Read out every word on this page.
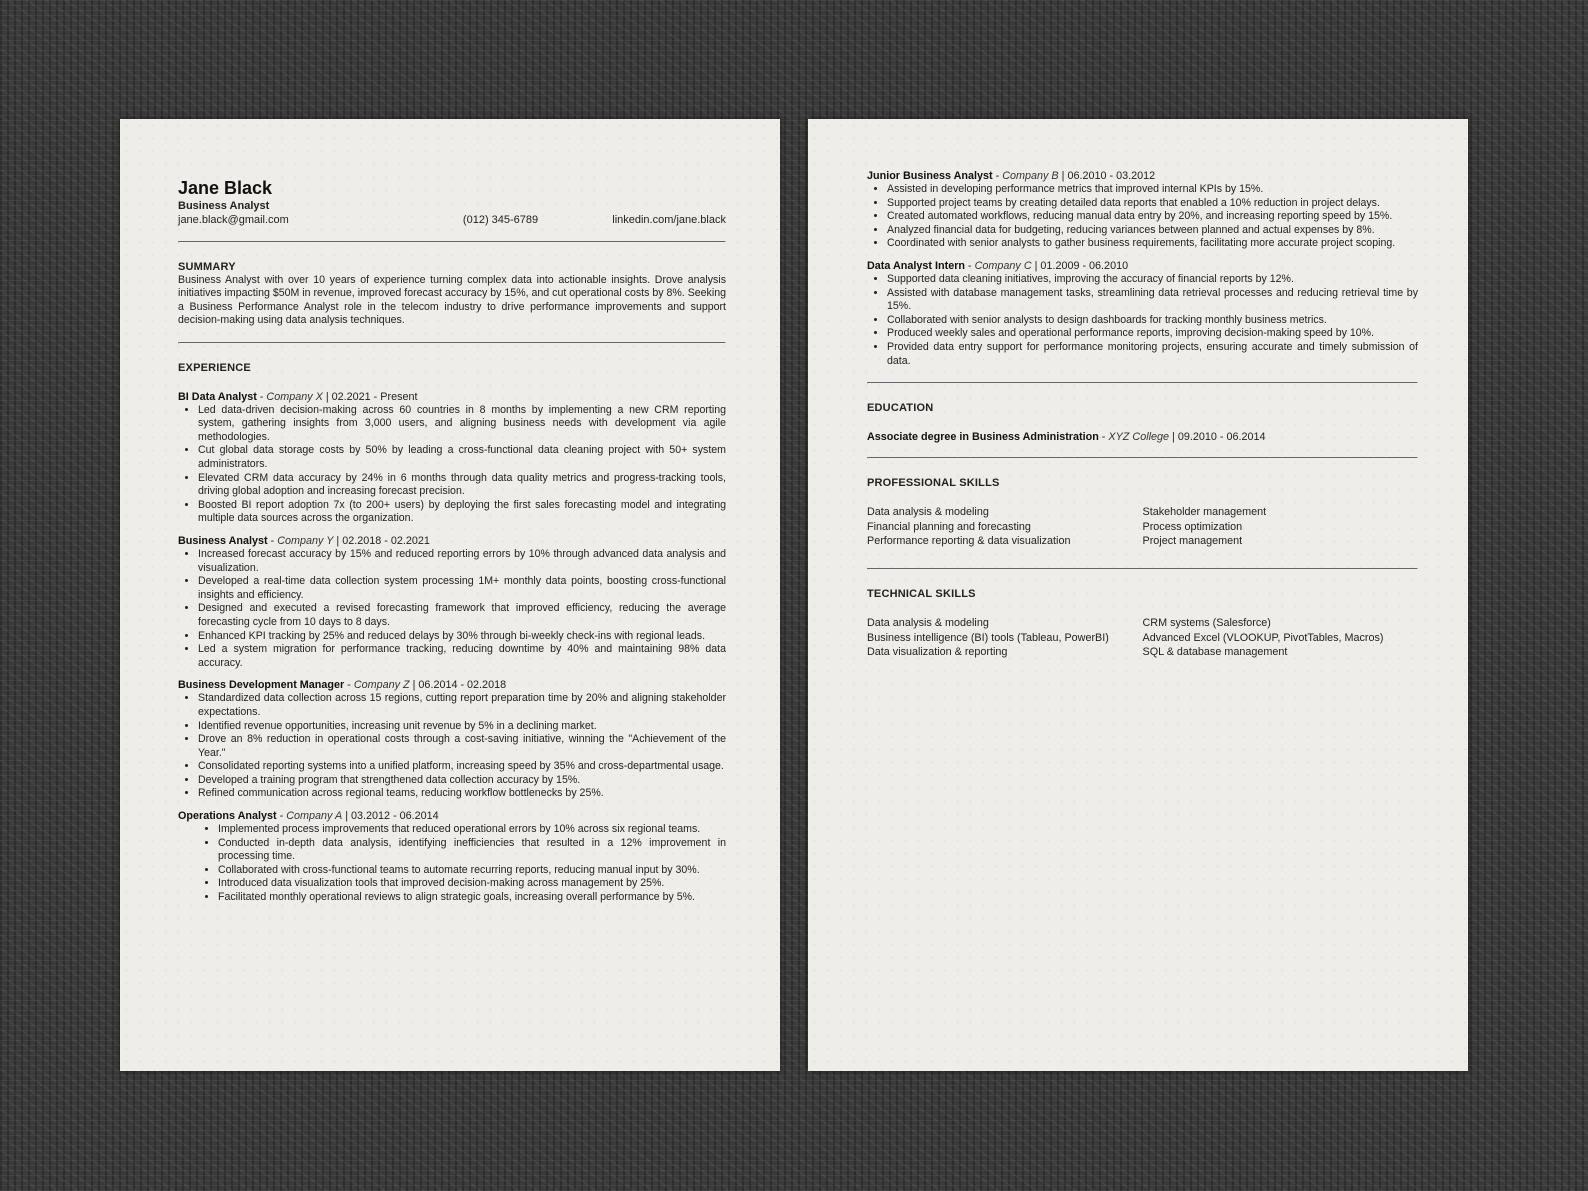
Jane Black
Business Analyst
jane.black@gmail.com	(012) 345-6789	linkedin.com/jane.black
SUMMARY

Business Analyst with over 10 years of experience turning complex data into actionable insights. Drove analysis initiatives impacting $50M in revenue, improved forecast accuracy by 15%, and cut operational costs by 8%. Seeking a Business Performance Analyst role in the telecom industry to drive performance improvements and support decision-making using data analysis techniques.

EXPERIENCE
BI Data Analyst - Company X | 02.2021 - Present
• Led data-driven decision-making across 60 countries in 8 months by implementing a new CRM reporting system, gathering insights from 3,000 users, and aligning business needs with development via agile methodologies.
• Cut global data storage costs by 50% by leading a cross-functional data cleaning project with 50+ system administrators.
• Elevated CRM data accuracy by 24% in 6 months through data quality metrics and progress-tracking tools, driving global adoption and increasing forecast precision.
• Boosted BI report adoption 7x (to 200+ users) by deploying the first sales forecasting model and integrating multiple data sources across the organization.
Business Analyst - Company Y | 02.2018 - 02.2021
• Increased forecast accuracy by 15% and reduced reporting errors by 10% through advanced data analysis and visualization.
• Developed a real-time data collection system processing 1M+ monthly data points, boosting cross-functional insights and efficiency.
• Designed and executed a revised forecasting framework that improved efficiency, reducing the average forecasting cycle from 10 days to 8 days.
• Enhanced KPI tracking by 25% and reduced delays by 30% through bi-weekly check-ins with regional leads.
• Led a system migration for performance tracking, reducing downtime by 40% and maintaining 98% data accuracy.
Business Development Manager - Company Z | 06.2014 - 02.2018
• Standardized data collection across 15 regions, cutting report preparation time by 20% and aligning stakeholder expectations.
• Identified revenue opportunities, increasing unit revenue by 5% in a declining market.
• Drove an 8% reduction in operational costs through a cost-saving initiative, winning the "Achievement of the Year."
• Consolidated reporting systems into a unified platform, increasing speed by 35% and cross-departmental usage.
• Developed a training program that strengthened data collection accuracy by 15%.
• Refined communication across regional teams, reducing workflow bottlenecks by 25%.
Operations Analyst - Company A | 03.2012 - 06.2014
• Implemented process improvements that reduced operational errors by 10% across six regional teams.
• Conducted in-depth data analysis, identifying inefficiencies that resulted in a 12% improvement in processing time.
• Collaborated with cross-functional teams to automate recurring reports, reducing manual input by 30%.
• Introduced data visualization tools that improved decision-making across management by 25%.
• Facilitated monthly operational reviews to align strategic goals, increasing overall performance by 5%.
Junior Business Analyst - Company B | 06.2010 - 03.2012
• Assisted in developing performance metrics that improved internal KPIs by 15%.
• Supported project teams by creating detailed data reports that enabled a 10% reduction in project delays.
• Created automated workflows, reducing manual data entry by 20%, and increasing reporting speed by 15%.
• Analyzed financial data for budgeting, reducing variances between planned and actual expenses by 8%.
• Coordinated with senior analysts to gather business requirements, facilitating more accurate project scoping.
Data Analyst Intern - Company C | 01.2009 - 06.2010
• Supported data cleaning initiatives, improving the accuracy of financial reports by 12%.
• Assisted with database management tasks, streamlining data retrieval processes and reducing retrieval time by 15%.
• Collaborated with senior analysts to design dashboards for tracking monthly business metrics.
• Produced weekly sales and operational performance reports, improving decision-making speed by 10%.
• Provided data entry support for performance monitoring projects, ensuring accurate and timely submission of data.
EDUCATION
Associate degree in Business Administration - XYZ College | 09.2010 - 06.2014
PROFESSIONAL SKILLS
Data analysis & modeling
Financial planning and forecasting
Performance reporting & data visualization
Stakeholder management
Process optimization
Project management
TECHNICAL SKILLS
Data analysis & modeling
Business intelligence (BI) tools (Tableau, PowerBI)
Data visualization & reporting
CRM systems (Salesforce)
Advanced Excel (VLOOKUP, PivotTables, Macros)
SQL & database management
